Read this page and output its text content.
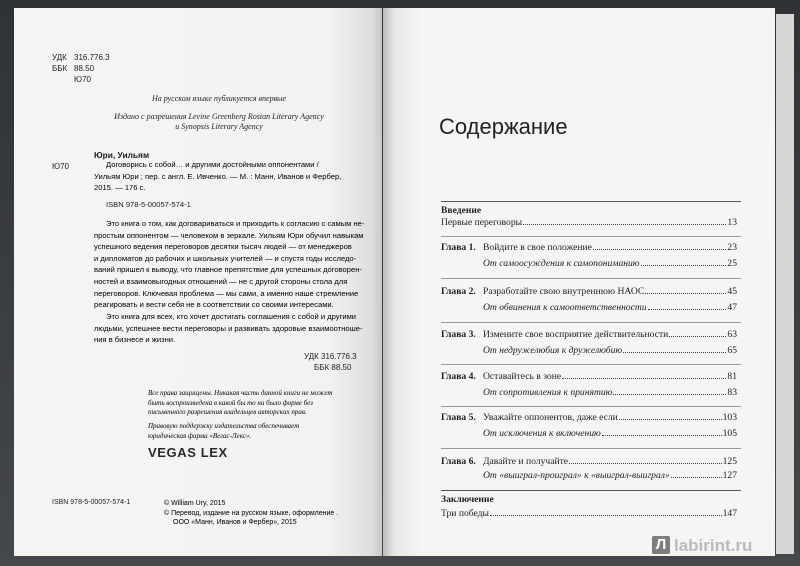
УДК 316.776.3
ББК 88.50
Ю70
На русском языке публикуется впервые
Издано с разрешения Levine Greenberg Rostan Literary Agency
и Synopsis Literary Agency
Юри, Уильям
Ю70	Договорись с собой… и другими достойными оппонентами /
Уильям Юри ; пер. с англ. Е. Ивченко. — М. : Манн, Иванов и Фербер,
2015. — 176 с.
ISBN 978-5-00057-574-1
Это книга о том, как договариваться и приходить к согласию с самым не-
простым оппонентом — человеком в зеркале. Уильям Юри обучил навыкам
успешного ведения переговоров десятки тысяч людей — от менеджеров
и дипломатов до рабочих и школьных учителей — и спустя годы исследо-
ваний пришел к выводу, что главное препятствие для успешных договорен-
ностей и взаимовыгодных отношений — не с другой стороны стола для
переговоров. Ключевая проблема — мы сами, а именно наше стремление
реагировать и вести себя не в соответствии со своими интересами.
Это книга для всех, кто хочет достигать соглашения с собой и другими
людьми, успешнее вести переговоры и развивать здоровые взаимоотноше-
ния в бизнесе и жизни.
УДК 316.776.3
ББК 88.50
Все права защищены. Никакая часть данной книги не может
быть воспроизведена в какой бы то ни было форме без
письменного разрешения владельцев авторских прав.
Правовую поддержку издательства обеспечивает
юридическая фирма «Вегас-Лекс».
VEGAS LEX
ISBN 978-5-00057-574-1	© William Ury, 2015
© Перевод, издание на русском языке, оформление .
ООО «Манн, Иванов и Фербер», 2015
Содержание
Введение
Первые переговоры	13
Глава 1. Войдите в свое положение	23
От самоосуждения к самопониманию	25
Глава 2. Разработайте свою внутреннюю НАОС	45
От обвинения к самоответственности	47
Глава 3. Измените свое восприятие действительности	63
От недружелюбия к дружелюбию	65
Глава 4. Оставайтесь в зоне	81
От сопротивления к принятию	83
Глава 5. Уважайте оппонентов, даже если	103
От исключения к включению	105
Глава 6. Давайте и получайте	125
От «выиграл-проиграл» к «выиграл-выиграл»	127
Заключение
Три победы	147
Л labirint.ru
